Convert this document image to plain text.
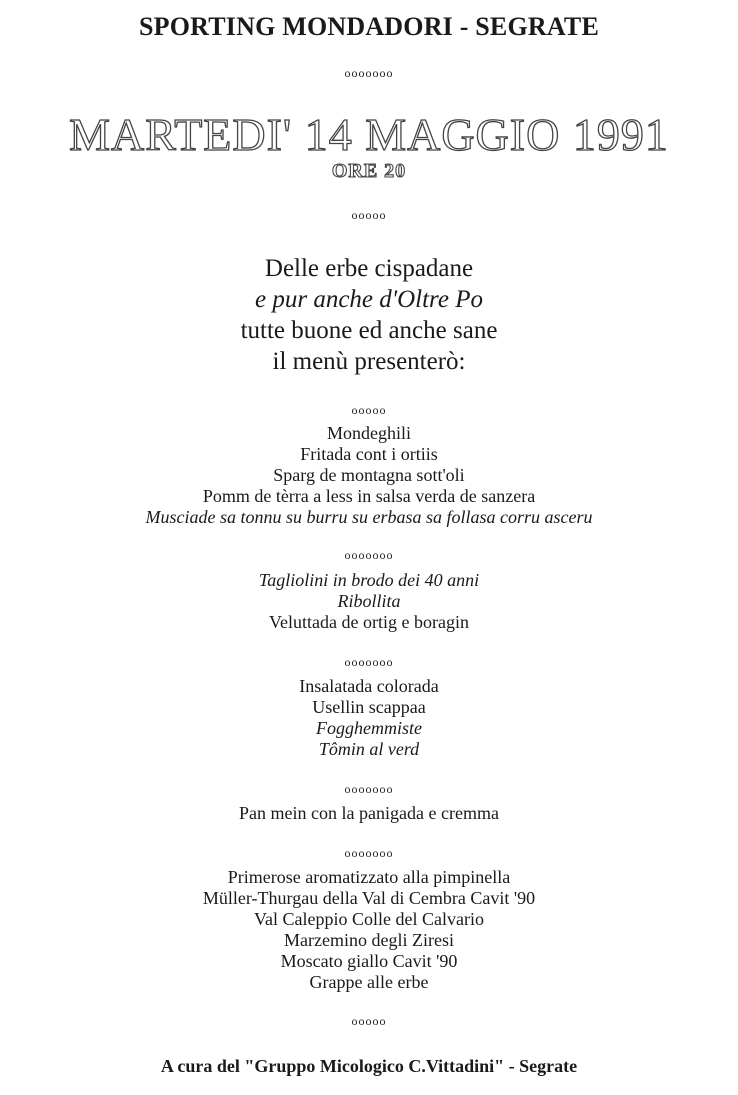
SPORTING MONDADORI - SEGRATE
ooooooo
MARTEDI' 14 MAGGIO 1991
ORE 20
ooooo
Delle erbe cispadane
e pur anche d'Oltre Po
tutte buone ed anche sane
il menù presenterò:
ooooo
Mondeghili
Fritada cont i ortiis
Sparg de montagna sott'oli
Pomm de tèrra a less in salsa verda de sanzera
Musciade sa tonnu su burru su erbasa sa follasa corru asceru
ooooooo
Tagliolini in brodo dei 40 anni
Ribollita
Veluttada de ortig e boragin
ooooooo
Insalatada colorada
Usellin scappaa
Fogghemmiste
Tômin al verd
ooooooo
Pan mein con la panigada e cremma
ooooooo
Primerose aromatizzato alla pimpinella
Müller-Thurgau della Val di Cembra Cavit '90
Val Caleppio Colle del Calvario
Marzemino degli Ziresi
Moscato giallo Cavit '90
Grappe alle erbe
ooooo
A cura del "Gruppo Micologico C.Vittadini" - Segrate
